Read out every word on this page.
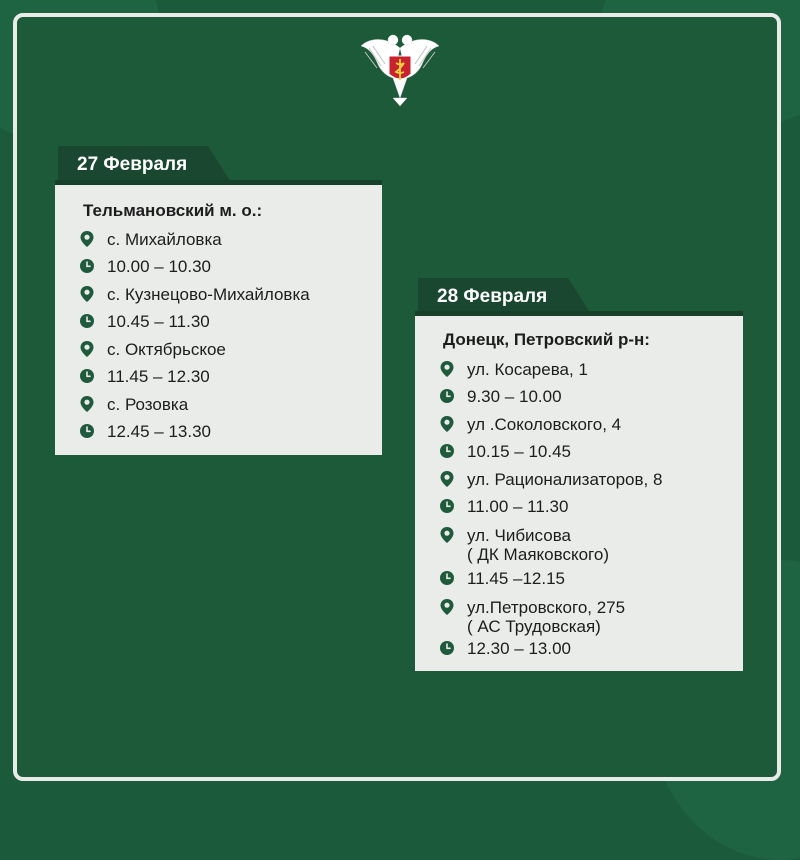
27 Февраля
Тельмановский м. о.:
с. Михайловка
10.00 – 10.30
с. Кузнецово-Михайловка
10.45 – 11.30
с. Октябрьское
11.45 – 12.30
с. Розовка
12.45 – 13.30
28 Февраля
Донецк, Петровский р-н:
ул. Косарева, 1
9.30 – 10.00
ул .Соколовского, 4
10.15 – 10.45
ул. Рационализаторов, 8
11.00 – 11.30
ул. Чибисова
( ДК Маяковского)
11.45 –12.15
ул.Петровского, 275
( АС Трудовская)
12.30 – 13.00
